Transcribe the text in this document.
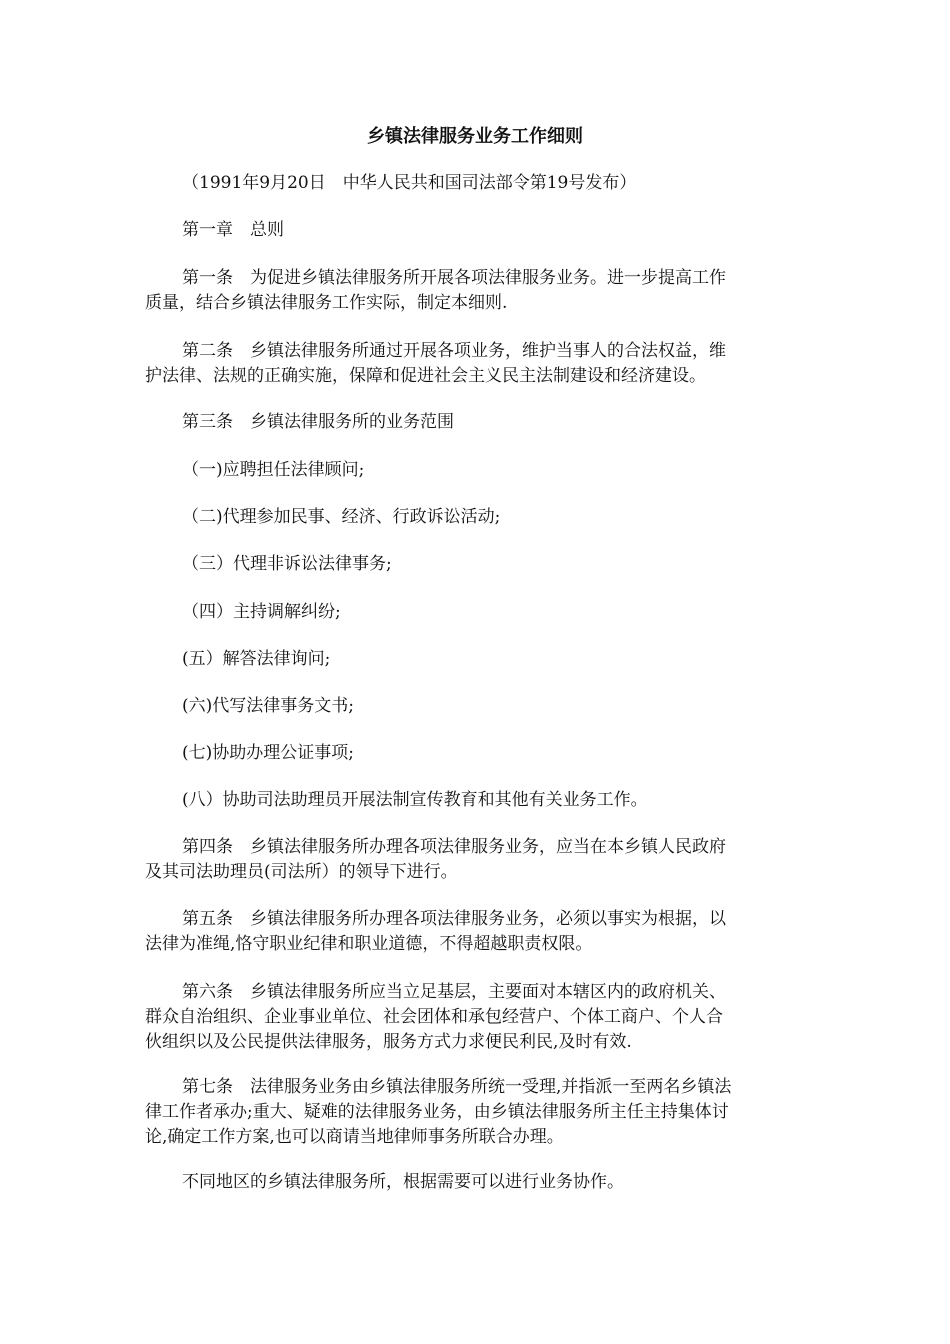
乡镇法律服务业务工作细则
（1991年9月20日　中华人民共和国司法部令第19号发布）
第一章　总则
第一条　为促进乡镇法律服务所开展各项法律服务业务。进一步提高工作
质量，结合乡镇法律服务工作实际，制定本细则.
第二条　乡镇法律服务所通过开展各项业务，维护当事人的合法权益，维
护法律、法规的正确实施，保障和促进社会主义民主法制建设和经济建设。
第三条　乡镇法律服务所的业务范围
（一)应聘担任法律顾问;
（二)代理参加民事、经济、行政诉讼活动;
（三）代理非诉讼法律事务;
（四）主持调解纠纷;
(五）解答法律询问;
(六)代写法律事务文书;
(七)协助办理公证事项;
(八）协助司法助理员开展法制宣传教育和其他有关业务工作。
第四条　乡镇法律服务所办理各项法律服务业务，应当在本乡镇人民政府
及其司法助理员(司法所）的领导下进行。
第五条　乡镇法律服务所办理各项法律服务业务，必须以事实为根据，以
法律为准绳,恪守职业纪律和职业道德，不得超越职责权限。
第六条　乡镇法律服务所应当立足基层，主要面对本辖区内的政府机关、
群众自治组织、企业事业单位、社会团体和承包经营户、个体工商户、个人合
伙组织以及公民提供法律服务，服务方式力求便民利民,及时有效.
第七条　法律服务业务由乡镇法律服务所统一受理,并指派一至两名乡镇法
律工作者承办;重大、疑难的法律服务业务，由乡镇法律服务所主任主持集体讨
论,确定工作方案,也可以商请当地律师事务所联合办理。
不同地区的乡镇法律服务所，根据需要可以进行业务协作。
